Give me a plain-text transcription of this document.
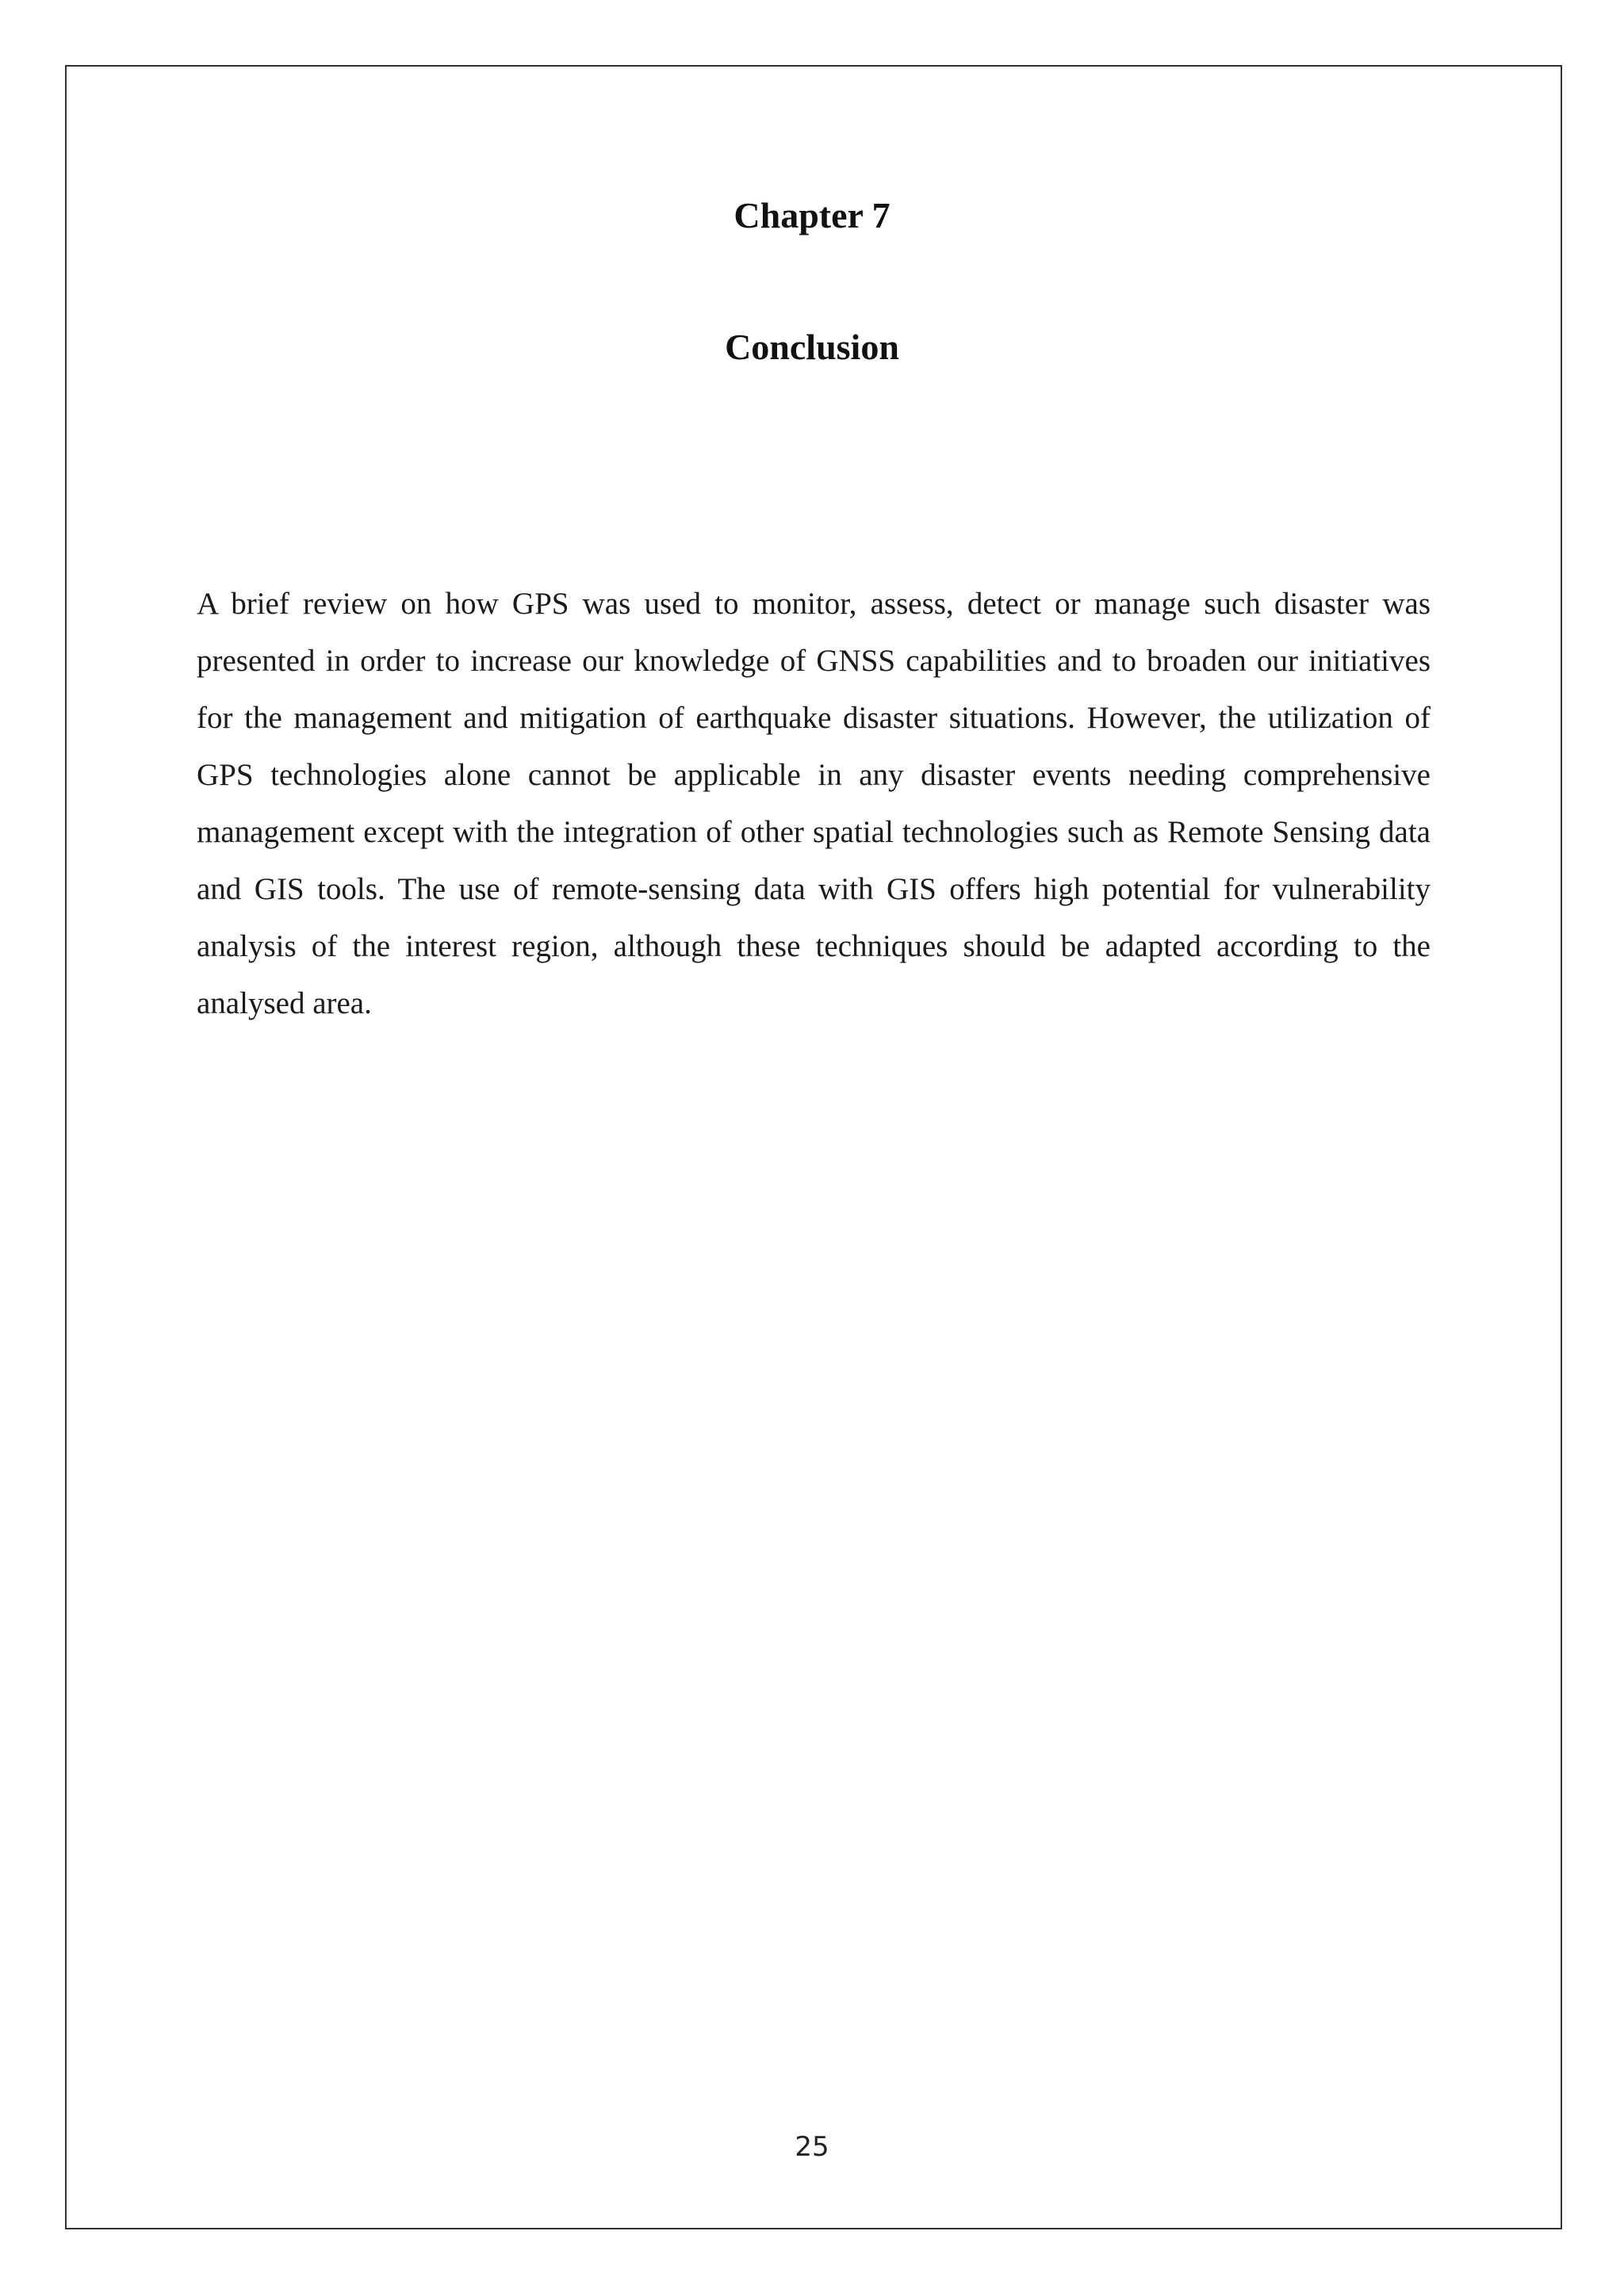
Chapter 7
Conclusion

A brief review on how GPS was used to monitor, assess, detect or manage such disaster was presented in order to increase our knowledge of GNSS capabilities and to broaden our initiatives for the management and mitigation of earthquake disaster situations. However, the utilization of GPS technologies alone cannot be applicable in any disaster events needing comprehensive management except with the integration of other spatial technologies such as Remote Sensing data and GIS tools. The use of remote-sensing data with GIS offers high potential for vulnerability analysis of the interest region, although these techniques should be adapted according to the analysed area.

25
